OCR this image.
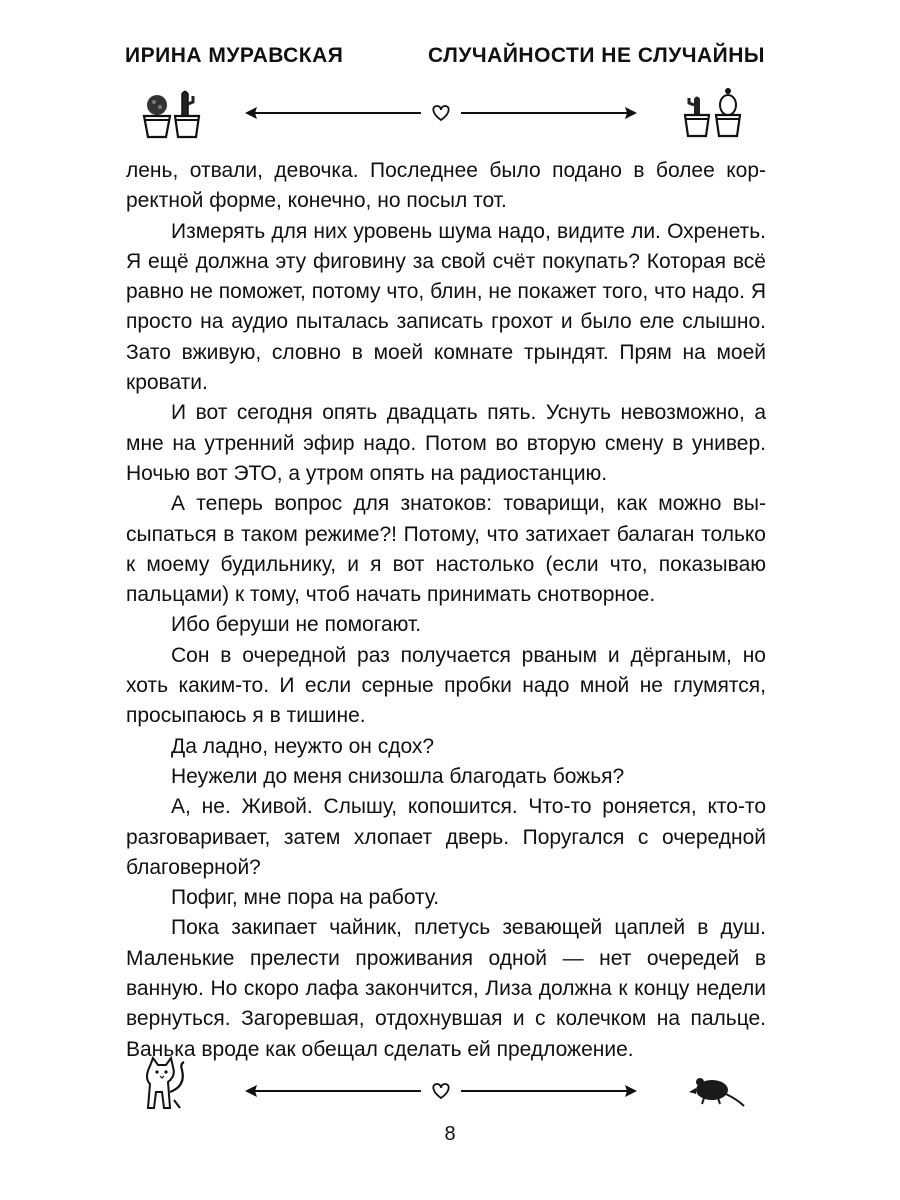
ИРИНА МУРАВСКАЯ	СЛУЧАЙНОСТИ НЕ СЛУЧАЙНЫ

лень, отвали, девочка. Последнее было подано в более корректной форме, конечно, но посыл тот.

Измерять для них уровень шума надо, видите ли. Охренеть. Я ещё должна эту фиговину за свой счёт покупать? Которая всё равно не поможет, потому что, блин, не покажет того, что надо. Я просто на аудио пыталась записать грохот и было еле слышно. Зато вживую, словно в моей комнате трындят. Прям на моей кровати.

И вот сегодня опять двадцать пять. Уснуть невозможно, а мне на утренний эфир надо. Потом во вторую смену в универ. Ночью вот ЭТО, а утром опять на радиостанцию.

А теперь вопрос для знатоков: товарищи, как можно высыпаться в таком режиме?! Потому, что затихает балаган только к моему будильнику, и я вот настолько (если что, показываю пальцами) к тому, чтоб начать принимать снотворное.

Ибо беруши не помогают.

Сон в очередной раз получается рваным и дёрганым, но хоть каким-то. И если серные пробки надо мной не глумятся, просыпаюсь я в тишине.

Да ладно, неужто он сдох?

Неужели до меня снизошла благодать божья?

А, не. Живой. Слышу, копошится. Что-то роняется, кто-то разговаривает, затем хлопает дверь. Поругался с очередной благоверной?

Пофиг, мне пора на работу.

Пока закипает чайник, плетусь зевающей цаплей в душ. Маленькие прелести проживания одной — нет очередей в ванную. Но скоро лафа закончится, Лиза должна к концу недели вернуться. Загоревшая, отдохнувшая и с колечком на пальце. Ванька вроде как обещал сделать ей предложение.

8
